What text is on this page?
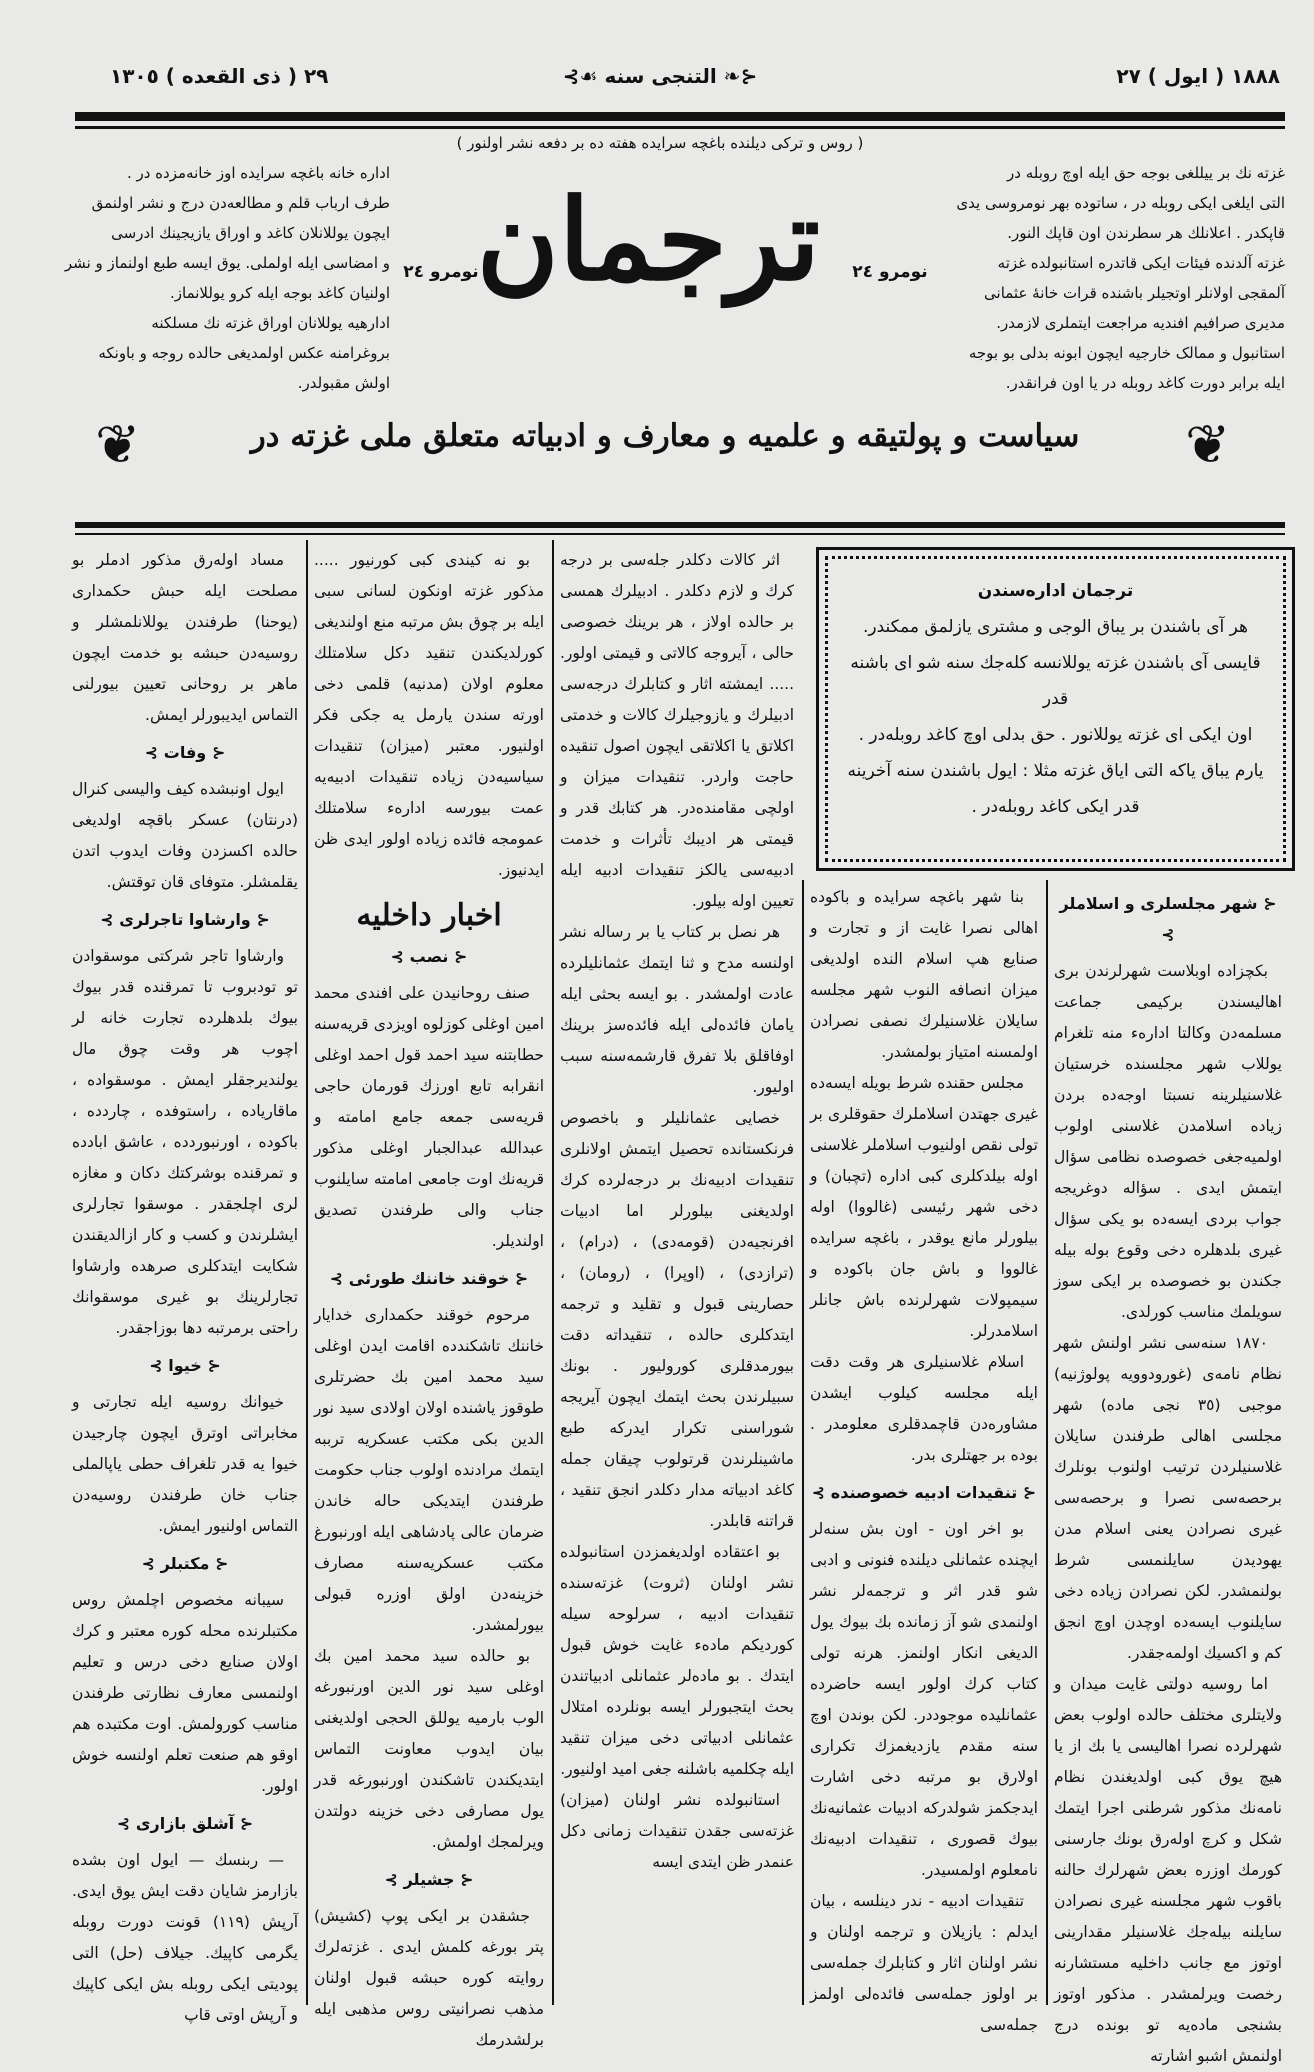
١٨٨٨ ( ایول ) ٢٧
⊰❧ التنجی سنه ☙⊱
٢٩ ( ذی القعده ) ١٣٠٥
( روس و ترکی دیلنده باغچه سرایده هفته ده بر دفعه نشر اولنور )
غزته نك بر ییللغی بوجه حق ایله اوچ روبله در
التی ایلغی ایکی روبله در ، ساتوده بهر نومروسی یدی
قاپکدر . اعلانلك هر سطرندن اون قاپك النور.
غزته آلدنده فیئات ایکی قاتدره استانبولده غزته
آلمقجی اولانلر اوتجیلر باشنده قرات خانهٔ عثمانی
مدیری صرافیم افندیه مراجعت ایتملری لازمدر.
استانبول و ممالک خارجیه ایچون ابونه بدلی بو بوجه
ایله برابر دورت کاغد روبله در یا اون فرانقدر.
اداره خانه باغچه سرایده اوز خانه‌مزده در .
طرف ارباب قلم و مطالعه‌دن درج و نشر اولنمق
ایچون یوللانلان کاغد و اوراق یازیجینك ادرسی
و امضاسی ایله اولملی. یوق ایسه طبع اولنماز و نشر
اولنیان کاغد بوجه ایله کرو یوللانماز.
ادارهیه یوللانان اوراق غزته نك مسلکنه
بروغرامنه عکس اولمدیغی حالده روجه و باونکه
اولش مقبولدر.
نومرو ٢٤
نومرو ٢٤
ترجمان
❦	سیاست و پولتیقه و علمیه و معارف و ادبیاته متعلق ملی غزته در	❦
ترجمان اداره‌سندن
هر آی باشندن بر یباق الوجی و مشتری یازلمق ممکندر.
قایسی آی باشندن غزته یوللانسه کله‌جك سنه شو ای باشنه قدر
اون ایکی ای غزته یوللانور . حق بدلی اوچ کاغد روبله‌در .
یارم یباق یاکه التی ایاق غزته مثلا : ایول باشندن سنه آخرینه
قدر ایکی کاغد روبله‌در .

مساد اوله‌رق مذکور ادملر بو مصلحت ایله حبش حکمداری (یوحنا) طرفندن یوللانلمشلر و روسیه‌دن حبشه بو خدمت ایچون ماهر بر روحانی تعیین بیورلنی التماس ایدیبورلر ایمش.

⊰ وفات ⊱

ایول اونبشده کیف والیسی کنرال (درنتان) عسکر باقچه اولدیغی حالده اکسزدن وفات ایدوب اتدن یقلمشلر. متوفای قان توقتش.

⊰ وارشاوا تاجرلری ⊱

وارشاوا تاجر شرکتی موسقوادن تو تودبروب تا تمرقنده قدر بیوك بیوك بلدهلرده تجارت خانه لر اچوب هر وقت چوق مال یولندیرجقلر ایمش . موسقواده ، ماقاریاده ، راستوفده ، چاردده ، باکوده ، اورنبوردده ، عاشق ابادده و تمرقنده بوشرکتك دکان و مغازه لری اچلجقدر . موسقوا تجارلری ایشلرندن و کسب و کار ازالدیقندن شکایت ایتدکلری صرهده وارشاوا تجارلرینك بو غیری موسقوانك راحتی برمرتبه دها بوزاجقدر.

⊰ خیوا ⊱

خیوانك روسیه ایله تجارتی و مخابراتی اوترق ایچون چارجیدن خیوا یه قدر تلغراف حطی یاپالملی جناب خان طرفندن روسیه‌دن التماس اولنیور ایمش.

⊰ مکتبلر ⊱

سیبانه مخصوص اچلمش روس مکتبلرنده محله کوره معتبر و کرك اولان صنایع دخی درس و تعلیم اولنمسی معارف نظارتی طرفندن مناسب کورولمش. اوت مکتبده هم اوقو هم صنعت تعلم اولنسه خوش اولور.

⊰ آشلق بازاری ⊱

— ربنسك — ایول اون بشده بازارمز شایان دقت ایش یوق ایدی. آرپش (١١٩) قونت دورت روبله یگرمی کاپیك. جیلاف (حل) التی پودیتی ایکی روبله بش ایکی کاپیك و آرپش اوتی قاپ

بو نه کیندی کبی کورنیور ..... مذکور غزته اونکون لسانی سبی ایله بر چوق بش مرتبه منع اولندیغی کورلدیکندن تنقید دکل سلامتلك معلوم اولان (مدنیه) قلمی دخی اورته سندن یارمل یه جکی فکر اولنیور. معتبر (میزان) تنقیدات سیاسیه‌دن زیاده تنقیدات ادبیه‌یه عمت بیورسه ادارهء سلامتلك عمومجه فائده زیاده اولور ایدی ظن ایدنیوز.

اخبار داخلیه
⊰ نصب ⊱

صنف روحانیدن علی افندی محمد امین اوغلی کوزلوه اویزدی قریه‌سنه حطابتنه سید احمد قول احمد اوغلی انقرابه تابع اورزك قورمان حاجی قریه‌سی جمعه جامع امامته و عبدالله عبدالجبار اوغلی مذکور قریه‌نك اوت جامعی امامته سایلنوب جناب والی طرفندن تصدیق اولندیلر.

⊰ خوقند خاننك طورئی ⊱

مرحوم خوقند حکمداری خدایار خاننك تاشکندده اقامت ایدن اوغلی سید محمد امین بك حضرتلری طوقوز یاشنده اولان اولادی سید نور الدین بكی مکتب عسکریه ترببه ایتمك مرادنده اولوب جناب حکومت طرفندن ایتدیکی حاله خاندن ضرمان عالی پادشاهی ایله اورنبورغ مکتب عسکریه‌سنه مصارف خزینه‌دن اولق اوزره قبولی بیورلمشدر.

بو حالده سید محمد امین بك اوغلی سید نور الدین اورنبورغه الوب بارمیه یوللق الحجی اولدیغنی بیان ایدوب معاونت التماس ایتدیکندن تاشکندن اورنبورغه قدر یول مصارفی دخی خزینه دولتدن ویرلمجك اولمش.

⊰ جشیلر ⊱

جشقدن بر ایکی پوپ (کشیش) پتر بورغه کلمش ایدی . غزته‌لرك روایته کوره حبشه قبول اولنان مذهب نصرانیتی روس مذهبی ایله برلشدرمك

اثر کالات دکلدر جله‌سی بر درجه کرك و لازم دکلدر . ادبیلرك همسی بر حالده اولاز ، هر برینك خصوصی حالی ، آیروجه کالاتی و قیمتی اولور. ..... ایمشته اثار و کتابلرك درجه‌سی ادبیلرك و یازوجیلرك کالات و خدمتی اکلاتق یا اکلاتقی ایچون اصول تنقیده حاجت واردر. تنقیدات میزان و اولچی مقامنده‌در. هر کتابك قدر و قیمتی هر ادیبك تأثرات و خدمت ادبیه‌سی یالکز تنقیدات ادبیه ایله تعیین اوله بیلور.

هر نصل بر کتاب یا بر رساله نشر اولنسه مدح و ثنا ایتمك عثمانلیلرده عادت اولمشدر . بو ایسه بحثی ایله یامان فائده‌لی ایله فائده‌سز برینك اوفاقلق بلا تفرق قارشمه‌سنه سبب اولیور.

خصایی عثمانلیلر و باخصوص فرنکستانده تحصیل ایتمش اولانلری تنقیدات ادبیه‌نك بر درجه‌لرده کرك اولدیغنی بیلورلر اما ادبیات افرنجیه‌دن (قومه‌دی) ، (درام) ، (ترازدی) ، (اوپرا) ، (رومان) ، حصارینی قبول و تقلید و ترجمه ایتدکلری حالده ، تنقیداته دقت بیورمدقلری کورولیور . بونك سبیلرندن بحث ایتمك ایچون آیریجه شوراسنی تکرار ایدرکه طبع ماشینلرندن قرتولوب چیقان جمله کاغد ادبیاته مدار دکلدر انجق تنقید ، قراتنه قابلدر.

بو اعتقاده اولدیغمزدن استانبولده نشر اولنان (ثروت) غزته‌سنده تنقیدات ادبیه ، سرلوحه سیله کوردیکم مادهء غایت خوش قبول ایتدك . بو ماده‌لر عثمانلی ادبیاتندن بحث ایتجبورلر ایسه بونلرده امتلال عثمانلی ادبیاتی دخی میزان تنقید ایله چکلمیه باشلنه جغی امید اولنیور.

استانبولده نشر اولنان (میزان) غزته‌سی جقدن تنقیدات زمانی دکل عنمدر ظن ایتدی ایسه

بنا شهر باغچه سرایده و باکوده اهالی نصرا غایت از و تجارت و صنایع هپ اسلام النده اولدیغی میزان انصافه النوب شهر مجلسه سایلان غلاسنیلرك نصفی نصرادن اولمسنه امتیاز بولمشدر.

مجلس حقنده شرط بویله ایسه‌ده غیری جهتدن اسلاملرك حقوقلری بر تولی نقص اولنیوب اسلاملر غلاسنی اوله بیلدکلری کبی اداره (تچبان) و دخی شهر رئیسی (غالووا) اوله بیلورلر مانع یوقدر ، باغچه سرایده غالووا و باش جان باکوده و سیمپولات شهرلرنده باش جانلر اسلامدرلر.

اسلام غلاسنیلری هر وقت دقت ایله مجلسه کیلوب ایشدن مشاوره‌دن قاچمدقلری معلومدر . بوده بر جهتلری بدر.

⊰ تنقیدات ادبیه خصوصنده ⊱

بو اخر اون - اون بش سنه‌لر ایچنده عثمانلی دیلنده فنونی و ادبی شو قدر اثر و ترجمه‌لر نشر اولنمدی شو آز زمانده بك بیوك یول الدیغی انکار اولنمز. هرنه تولی کتاب کرك اولور ایسه حاضرده عثمانلیده موجوددر. لکن بوندن اوچ سنه مقدم یازدیغمزك تکراری اولارق بو مرتبه دخی اشارت ایدجکمز شولدرکه ادبیات عثمانیه‌نك بیوك قصوری ، تنقیدات ادبیه‌نك نامعلوم اولمسیدر.

تنقیدات ادبیه - ندر دینلسه ، بیان ایدلم : یازیلان و ترجمه اولنان و نشر اولنان اثار و کتابلرك جمله‌سی بر اولوز جمله‌سی فائده‌لی اولمز جمله‌سی

⊰ شهر مجلسلری و اسلاملر ⊱

بکچزاده اوبلاست شهرلرندن بری اهالیسندن برکیمی جماعت مسلمه‌دن وکالتا ادارهء منه تلغرام یوللاب شهر مجلسنده خرستیان غلاسنیلرینه نسبتا اوجه‌ده بردن زیاده اسلامدن غلاسنی اولوب اولمیه‌جغی خصوصده نظامی سؤال ایتمش ایدی . سؤاله دوغریجه جواب بردی ایسه‌ده بو یکی سؤال غیری بلدهلره دخی وقوع بوله بیله جکندن بو خصوصده بر ایکی سوز سویلمك مناسب کورلدی.

١٨٧٠ سنه‌سی نشر اولنش شهر نظام نامه‌ی (غورودوویه پولوژنیه) موجبی (٣٥ نجی ماده) شهر مجلسی اهالی طرفندن سایلان غلاسنیلردن ترتیب اولنوب بونلرك برحصه‌سی نصرا و برحصه‌سی غیری نصرادن یعنی اسلام مدن یهودیدن سایلنمسی شرط بولنمشدر. لکن نصرادن زیاده دخی سایلنوب ایسه‌ده اوچدن اوچ انجق کم و اکسیك اولمه‌جقدر.

اما روسیه دولتی غایت میدان و ولایتلری مختلف حالده اولوب بعض شهرلرده نصرا اهالیسی یا بك از یا هیچ یوق کبی اولدیغندن نظام نامه‌نك مذکور شرطنی اجرا ایتمك شکل و کرچ اوله‌رق بونك جارسنی کورمك اوزره بعض شهرلرك حالنه باقوب شهر مجلسنه غیری نصرادن سایلنه بیله‌جك غلاسنیلر مقدارینی اوتوز مع جانب داخلیه مستشارنه رخصت ویرلمشدر . مذکور اوتوز بشنجی ماده‌یه تو بونده درج اولنمش اشبو اشارته
